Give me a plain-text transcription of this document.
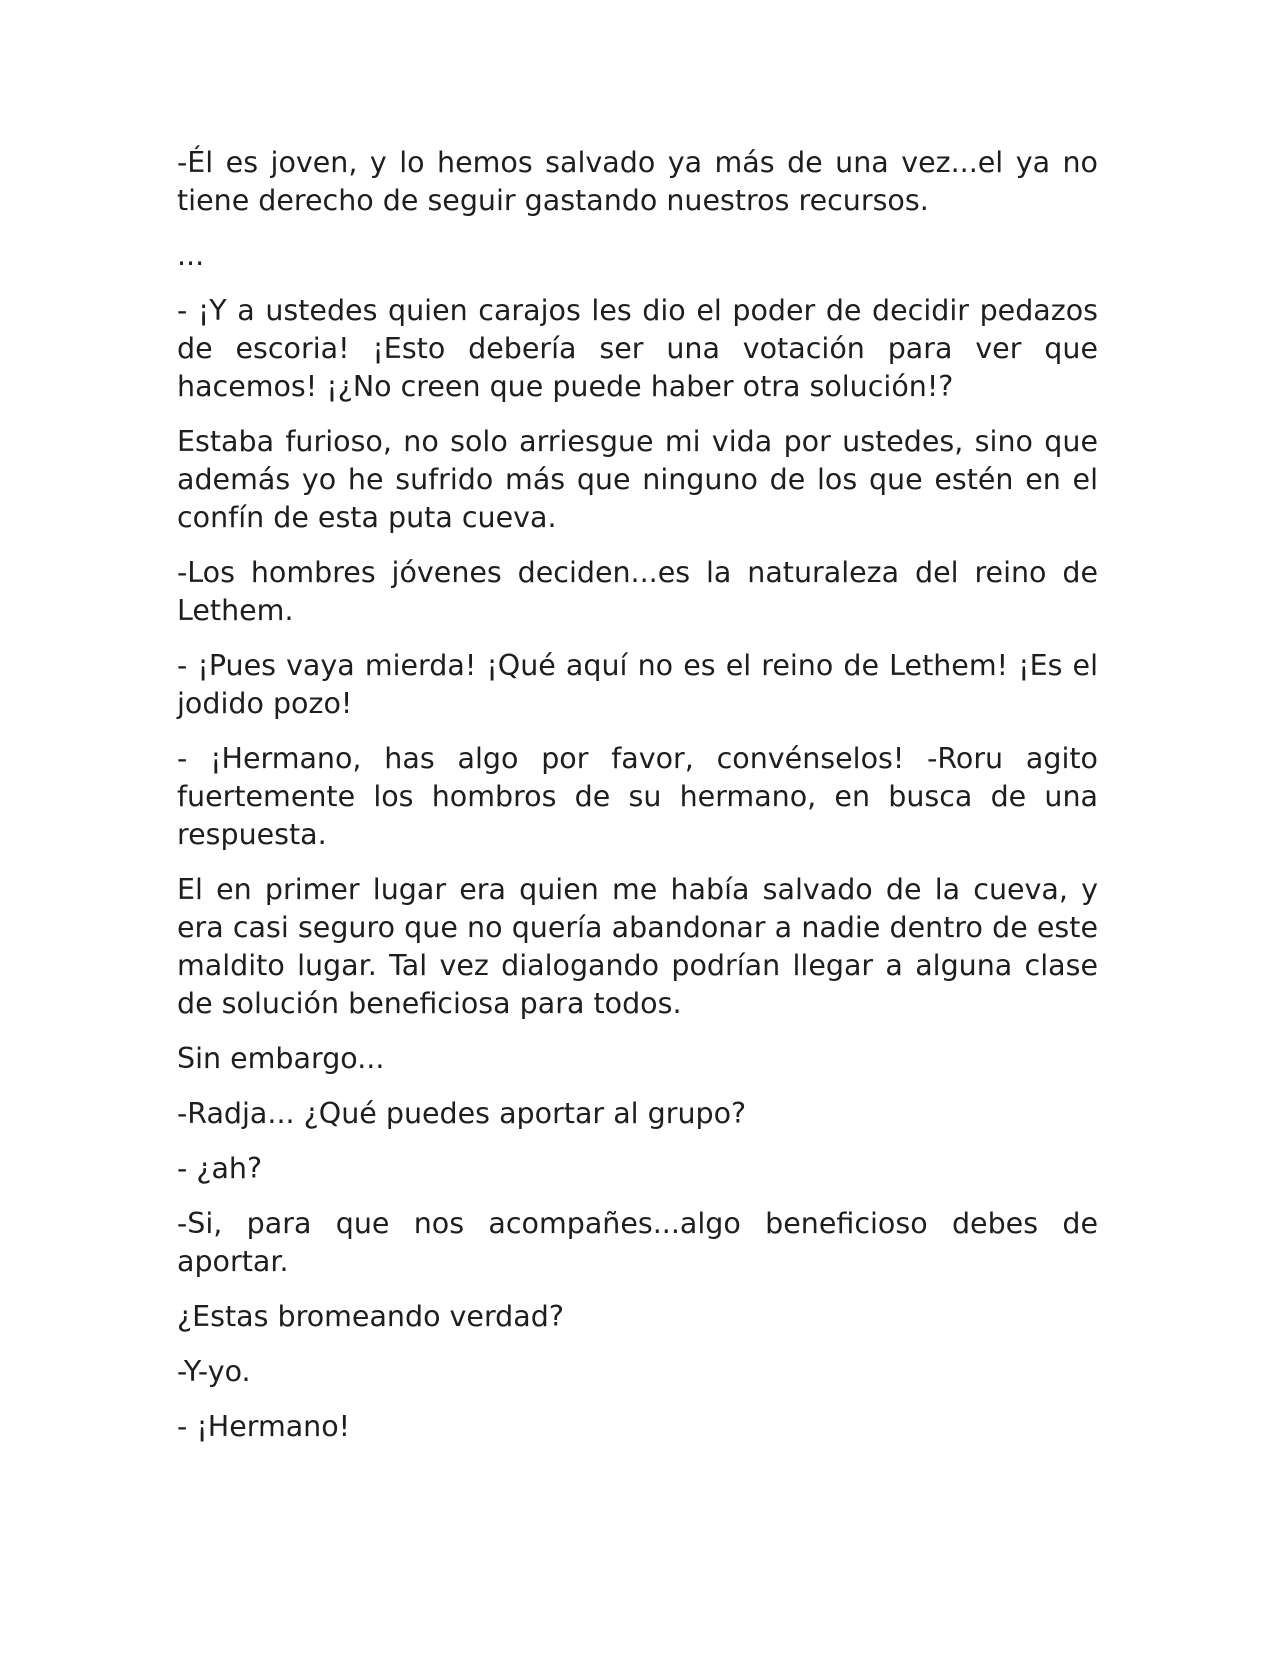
-Él es joven, y lo hemos salvado ya más de una vez...el ya no tiene derecho de seguir gastando nuestros recursos.

...

- ¡Y a ustedes quien carajos les dio el poder de decidir pedazos de escoria! ¡Esto debería ser una votación para ver que hacemos! ¡¿No creen que puede haber otra solución!?

Estaba furioso, no solo arriesgue mi vida por ustedes, sino que además yo he sufrido más que ninguno de los que estén en el confín de esta puta cueva.

-Los hombres jóvenes deciden...es la naturaleza del reino de Lethem.

- ¡Pues vaya mierda! ¡Qué aquí no es el reino de Lethem! ¡Es el jodido pozo!

- ¡Hermano, has algo por favor, convénselos! -Roru agito fuertemente los hombros de su hermano, en busca de una respuesta.

El en primer lugar era quien me había salvado de la cueva, y era casi seguro que no quería abandonar a nadie dentro de este maldito lugar. Tal vez dialogando podrían llegar a alguna clase de solución beneficiosa para todos.

Sin embargo...

-Radja... ¿Qué puedes aportar al grupo?

- ¿ah?

-Si, para que nos acompañes...algo beneficioso debes de aportar.

¿Estas bromeando verdad?

-Y-yo.

- ¡Hermano!
